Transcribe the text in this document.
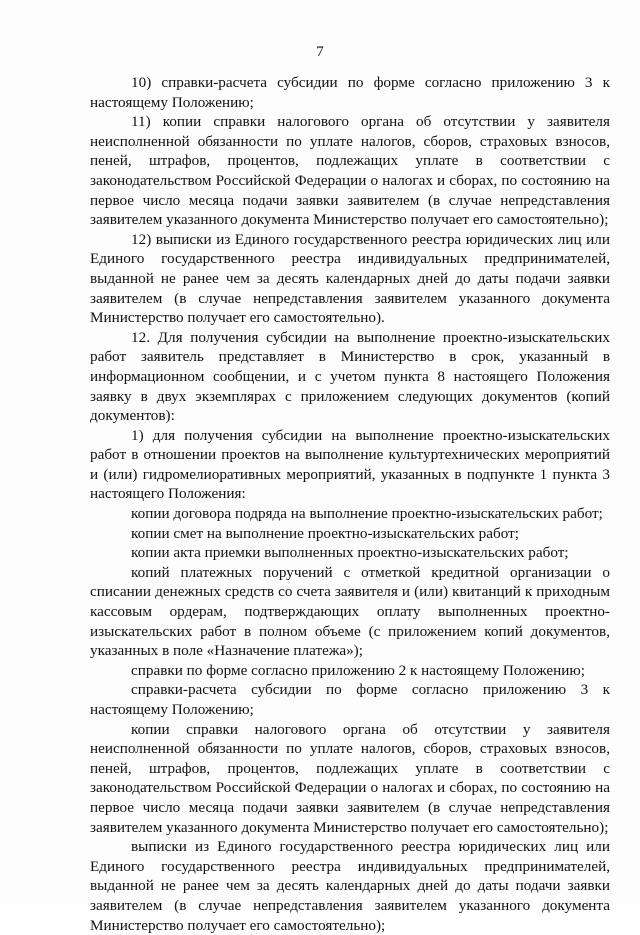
7

10) справки-расчета субсидии по форме согласно приложению 3 к настоящему Положению;

11) копии справки налогового органа об отсутствии у заявителя неисполненной обязанности по уплате налогов, сборов, страховых взносов, пеней, штрафов, процентов, подлежащих уплате в соответствии с законодательством Российской Федерации о налогах и сборах, по состоянию на первое число месяца подачи заявки заявителем (в случае непредставления заявителем указанного документа Министерство получает его самостоятельно);

12) выписки из Единого государственного реестра юридических лиц или Единого государственного реестра индивидуальных предпринимателей, выданной не ранее чем за десять календарных дней до даты подачи заявки заявителем (в случае непредставления заявителем указанного документа Министерство получает его самостоятельно).

12. Для получения субсидии на выполнение проектно-изыскательских работ заявитель представляет в Министерство в срок, указанный в информационном сообщении, и с учетом пункта 8 настоящего Положения заявку в двух экземплярах с приложением следующих документов (копий документов):

1) для получения субсидии на выполнение проектно-изыскательских работ в отношении проектов на выполнение культуртехнических мероприятий и (или) гидромелиоративных мероприятий, указанных в подпункте 1 пункта 3 настоящего Положения:

копии договора подряда на выполнение проектно-изыскательских работ;

копии смет на выполнение проектно-изыскательских работ;

копии акта приемки выполненных проектно-изыскательских работ;

копий платежных поручений с отметкой кредитной организации о списании денежных средств со счета заявителя и (или) квитанций к приходным кассовым ордерам, подтверждающих оплату выполненных проектно-изыскательских работ в полном объеме (с приложением копий документов, указанных в поле «Назначение платежа»);

справки по форме согласно приложению 2 к настоящему Положению;

справки-расчета субсидии по форме согласно приложению 3 к настоящему Положению;

копии справки налогового органа об отсутствии у заявителя неисполненной обязанности по уплате налогов, сборов, страховых взносов, пеней, штрафов, процентов, подлежащих уплате в соответствии с законодательством Российской Федерации о налогах и сборах, по состоянию на первое число месяца подачи заявки заявителем (в случае непредставления заявителем указанного документа Министерство получает его самостоятельно);

выписки из Единого государственного реестра юридических лиц или Единого государственного реестра индивидуальных предпринимателей, выданной не ранее чем за десять календарных дней до даты подачи заявки заявителем (в случае непредставления заявителем указанного документа Министерство получает его самостоятельно);
